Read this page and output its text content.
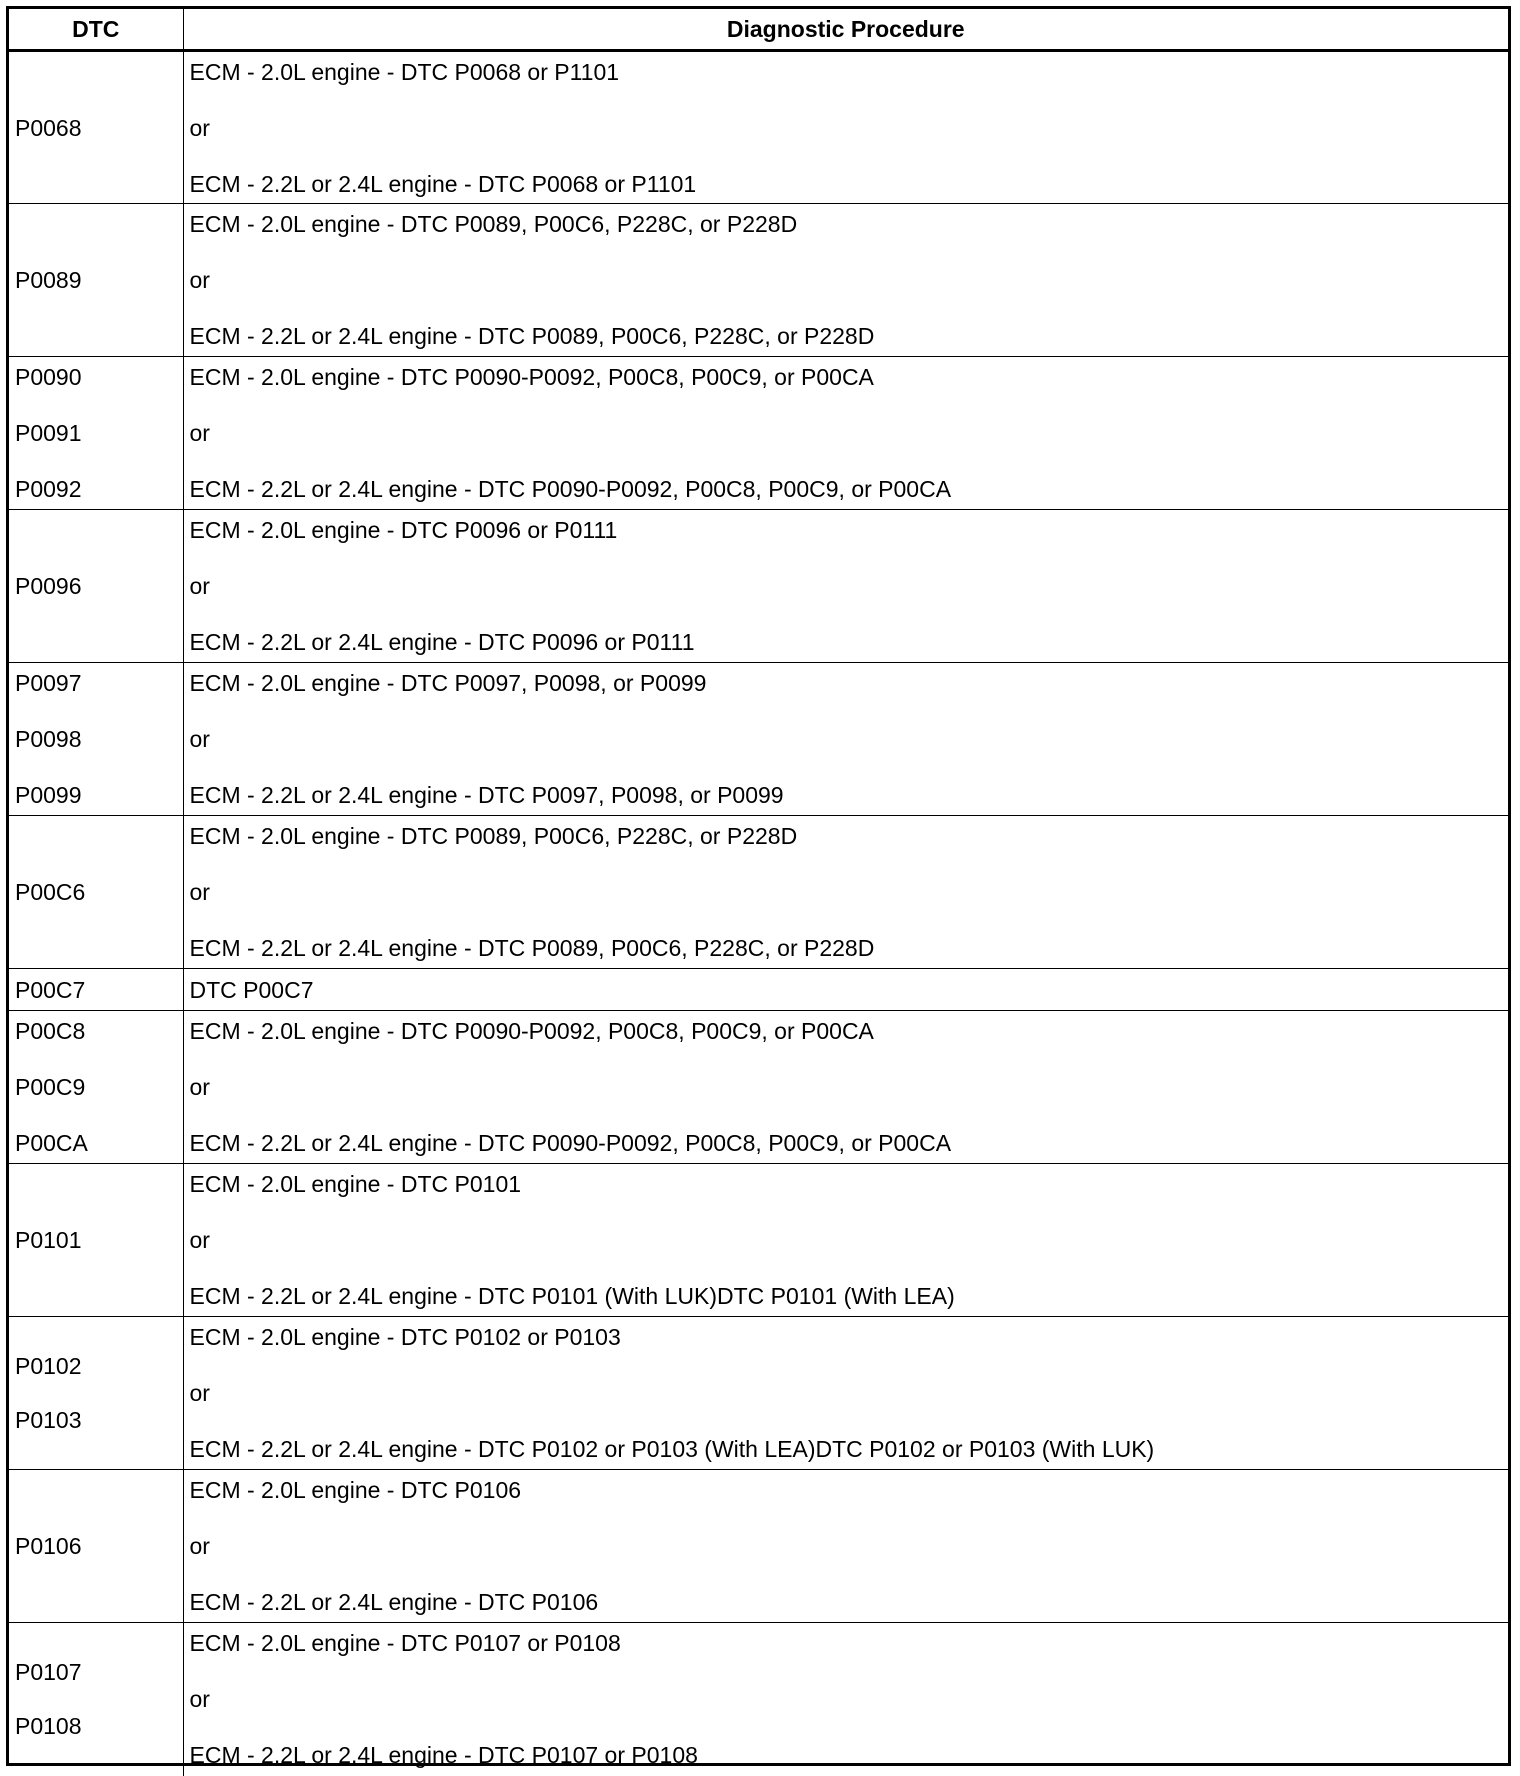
DTC	Diagnostic Procedure

P0068	ECM - 2.0L engine - DTC P0068 or P1101
or
ECM - 2.2L or 2.4L engine - DTC P0068 or P1101

P0089	ECM - 2.0L engine - DTC P0089, P00C6, P228C, or P228D
or
ECM - 2.2L or 2.4L engine - DTC P0089, P00C6, P228C, or P228D

P0090
P0091
P0092	ECM - 2.0L engine - DTC P0090-P0092, P00C8, P00C9, or P00CA
or
ECM - 2.2L or 2.4L engine - DTC P0090-P0092, P00C8, P00C9, or P00CA

P0096	ECM - 2.0L engine - DTC P0096 or P0111
or
ECM - 2.2L or 2.4L engine - DTC P0096 or P0111

P0097
P0098
P0099	ECM - 2.0L engine - DTC P0097, P0098, or P0099
or
ECM - 2.2L or 2.4L engine - DTC P0097, P0098, or P0099

P00C6	ECM - 2.0L engine - DTC P0089, P00C6, P228C, or P228D
or
ECM - 2.2L or 2.4L engine - DTC P0089, P00C6, P228C, or P228D

P00C7	DTC P00C7

P00C8
P00C9
P00CA	ECM - 2.0L engine - DTC P0090-P0092, P00C8, P00C9, or P00CA
or
ECM - 2.2L or 2.4L engine - DTC P0090-P0092, P00C8, P00C9, or P00CA

P0101	ECM - 2.0L engine - DTC P0101
or
ECM - 2.2L or 2.4L engine - DTC P0101 (With LUK)DTC P0101 (With LEA)

P0102
P0103	ECM - 2.0L engine - DTC P0102 or P0103
or
ECM - 2.2L or 2.4L engine - DTC P0102 or P0103 (With LEA)DTC P0102 or P0103 (With LUK)

P0106	ECM - 2.0L engine - DTC P0106
or
ECM - 2.2L or 2.4L engine - DTC P0106

P0107
P0108	ECM - 2.0L engine - DTC P0107 or P0108
or
ECM - 2.2L or 2.4L engine - DTC P0107 or P0108
